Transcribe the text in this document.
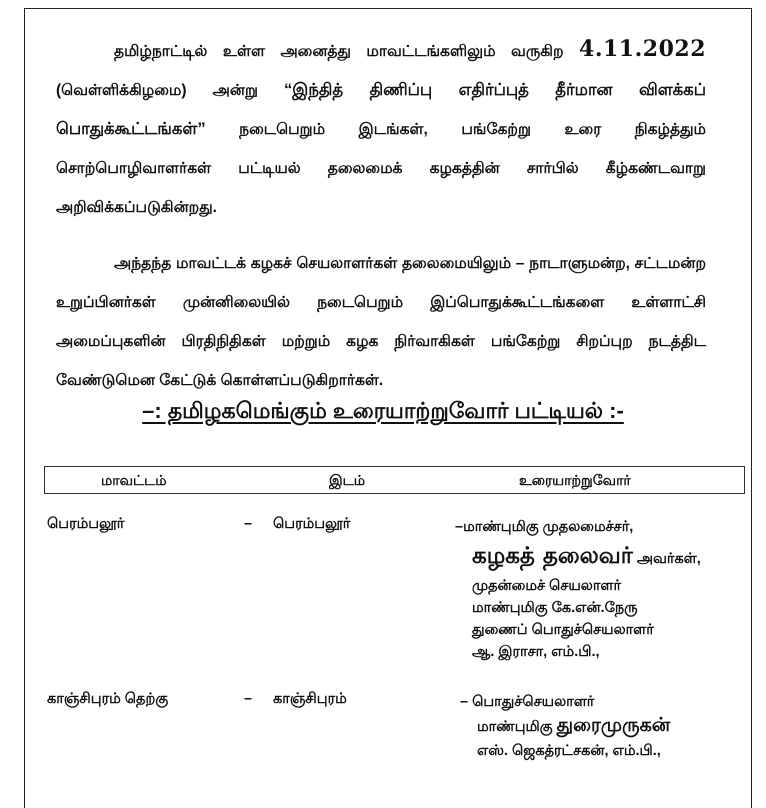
தமிழ்நாட்டில் உள்ள அனைத்து மாவட்டங்களிலும் வருகிற 4.11.2022 (வெள்ளிக்கிழமை) அன்று “இந்தித் திணிப்பு எதிர்ப்புத் தீர்மான விளக்கப் பொதுக்கூட்டங்கள்” நடைபெறும் இடங்கள், பங்கேற்று உரை நிகழ்த்தும் சொற்பொழிவாளர்கள் பட்டியல் தலைமைக் கழகத்தின் சார்பில் கீழ்கண்டவாறு அறிவிக்கப்படுகின்றது.
அந்தந்த மாவட்டக் கழகச் செயலாளர்கள் தலைமையிலும் – நாடாளுமன்ற, சட்டமன்ற உறுப்பினர்கள் முன்னிலையில் நடைபெறும் இப்பொதுக்கூட்டங்களை உள்ளாட்சி அமைப்புகளின் பிரதிநிதிகள் மற்றும் கழக நிர்வாகிகள் பங்கேற்று சிறப்புற நடத்திட வேண்டுமென கேட்டுக் கொள்ளப்படுகிறார்கள்.
–: தமிழகமெங்கும் உரையாற்றுவோர் பட்டியல் :-
மாவட்டம்	இடம்	உரையாற்றுவோர்
பெரம்பலூர்	– பெரம்பலூர்	–மாண்புமிகு முதலமைச்சர்,
கழகத் தலைவர் அவர்கள்,
முதன்மைச் செயலாளர்
மாண்புமிகு கே.என்.நேரு
துணைப் பொதுச்செயலாளர்
ஆ. இராசா, எம்.பி.,
காஞ்சிபுரம் தெற்கு	– காஞ்சிபுரம்	– பொதுச்செயலாளர்
மாண்புமிகு துரைமுருகன்
எஸ். ஜெகத்ரட்சகன், எம்.பி.,
